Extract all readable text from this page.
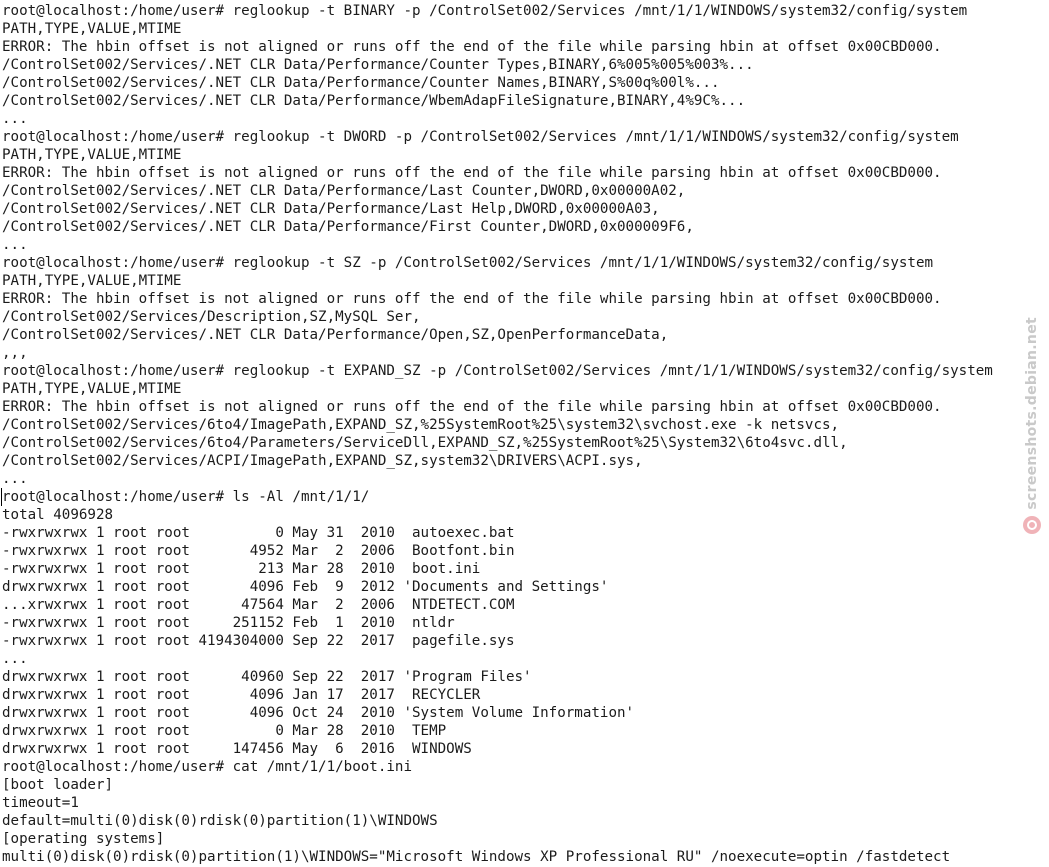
root@localhost:/home/user# reglookup -t BINARY -p /ControlSet002/Services /mnt/1/1/WINDOWS/system32/config/system
PATH,TYPE,VALUE,MTIME
ERROR: The hbin offset is not aligned or runs off the end of the file while parsing hbin at offset 0x00CBD000.
/ControlSet002/Services/.NET CLR Data/Performance/Counter Types,BINARY,6%005%005%003%...
/ControlSet002/Services/.NET CLR Data/Performance/Counter Names,BINARY,S%00q%00l%...
/ControlSet002/Services/.NET CLR Data/Performance/WbemAdapFileSignature,BINARY,4%9C%...
...
root@localhost:/home/user# reglookup -t DWORD -p /ControlSet002/Services /mnt/1/1/WINDOWS/system32/config/system
PATH,TYPE,VALUE,MTIME
ERROR: The hbin offset is not aligned or runs off the end of the file while parsing hbin at offset 0x00CBD000.
/ControlSet002/Services/.NET CLR Data/Performance/Last Counter,DWORD,0x00000A02,
/ControlSet002/Services/.NET CLR Data/Performance/Last Help,DWORD,0x00000A03,
/ControlSet002/Services/.NET CLR Data/Performance/First Counter,DWORD,0x000009F6,
...
root@localhost:/home/user# reglookup -t SZ -p /ControlSet002/Services /mnt/1/1/WINDOWS/system32/config/system
PATH,TYPE,VALUE,MTIME
ERROR: The hbin offset is not aligned or runs off the end of the file while parsing hbin at offset 0x00CBD000.
/ControlSet002/Services/Description,SZ,MySQL Ser,
/ControlSet002/Services/.NET CLR Data/Performance/Open,SZ,OpenPerformanceData,
,,,
root@localhost:/home/user# reglookup -t EXPAND_SZ -p /ControlSet002/Services /mnt/1/1/WINDOWS/system32/config/system
PATH,TYPE,VALUE,MTIME
ERROR: The hbin offset is not aligned or runs off the end of the file while parsing hbin at offset 0x00CBD000.
/ControlSet002/Services/6to4/ImagePath,EXPAND_SZ,%25SystemRoot%25\system32\svchost.exe -k netsvcs,
/ControlSet002/Services/6to4/Parameters/ServiceDll,EXPAND_SZ,%25SystemRoot%25\System32\6to4svc.dll,
/ControlSet002/Services/ACPI/ImagePath,EXPAND_SZ,system32\DRIVERS\ACPI.sys,
...
root@localhost:/home/user# ls -Al /mnt/1/1/
total 4096928
-rwxrwxrwx 1 root root          0 May 31  2010  autoexec.bat
-rwxrwxrwx 1 root root       4952 Mar  2  2006  Bootfont.bin
-rwxrwxrwx 1 root root        213 Mar 28  2010  boot.ini
drwxrwxrwx 1 root root       4096 Feb  9  2012 'Documents and Settings'
...xrwxrwx 1 root root      47564 Mar  2  2006  NTDETECT.COM
-rwxrwxrwx 1 root root     251152 Feb  1  2010  ntldr
-rwxrwxrwx 1 root root 4194304000 Sep 22  2017  pagefile.sys
...
drwxrwxrwx 1 root root      40960 Sep 22  2017 'Program Files'
drwxrwxrwx 1 root root       4096 Jan 17  2017  RECYCLER
drwxrwxrwx 1 root root       4096 Oct 24  2010 'System Volume Information'
drwxrwxrwx 1 root root          0 Mar 28  2010  TEMP
drwxrwxrwx 1 root root     147456 May  6  2016  WINDOWS
root@localhost:/home/user# cat /mnt/1/1/boot.ini
[boot loader]
timeout=1
default=multi(0)disk(0)rdisk(0)partition(1)\WINDOWS
[operating systems]
multi(0)disk(0)rdisk(0)partition(1)\WINDOWS="Microsoft Windows XP Professional RU" /noexecute=optin /fastdetect
screenshots.debian.net
